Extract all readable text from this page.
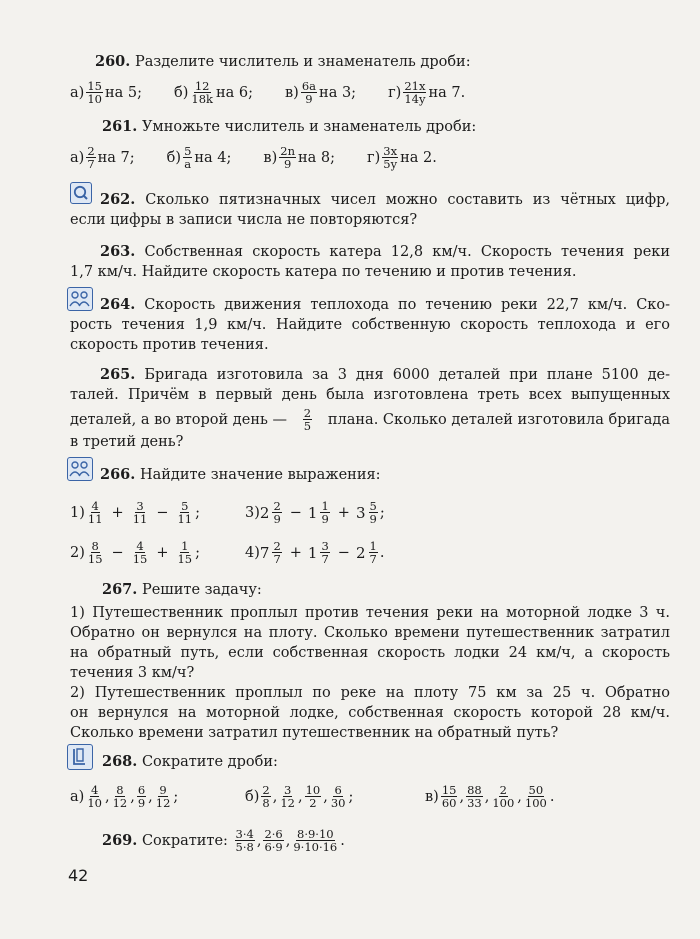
260. Разделите числитель и знаменатель дроби:
$а) \frac{15}{10}$ на 5; $б) \frac{12}{18k}$ на 6; $в) \frac{6a}{9}$ на 3; $г) \frac{21x}{14y}$ на 7.
261. Умножьте числитель и знаменатель дроби:
$а) \frac{2}{7}$ на 7; $б) \frac{5}{a}$ на 4; $в) \frac{2n}{9}$ на 8; $г) \frac{3x}{5y}$ на 2.
262. Сколько пятизначных чисел можно составить из чётных цифр,
если цифры в записи числа не повторяются?
263. Собственная скорость катера 12,8 км/ч. Скорость течения реки
1,7 км/ч. Найдите скорость катера по течению и против течения.
264. Скорость движения теплохода по течению реки 22,7 км/ч. Ско-
рость течения 1,9 км/ч. Найдите собственную скорость теплохода и его
скорость против течения.
265. Бригада изготовила за 3 дня 6000 деталей при плане 5100 де-
талей. Причём в первый день была изготовлена треть всех выпущенных
деталей, а во второй день — $\frac{2}{5}$ плана. Сколько деталей изготовила бригада
в третий день?
266. Найдите значение выражения:
$1) \frac{4}{11} + \frac{3}{11} - \frac{5}{11}$ ;	3) $2 \frac{2}{9} - 1 \frac{1}{9} + 3 \frac{5}{9}$ ;
$2) \frac{8}{15} - \frac{4}{15} + \frac{1}{15}$ ;	4) $7 \frac{2}{7} + 1 \frac{3}{7} - 2 \frac{1}{7}$ .
267. Решите задачу:
1) Путешественник проплыл против течения реки на моторной лодке 3 ч.
Обратно он вернулся на плоту. Сколько времени путешественник затратил
на обратный путь, если собственная скорость лодки 24 км/ч, а скорость
течения 3 км/ч?
2) Путешественник проплыл по реке на плоту 75 км за 25 ч. Обратно
он вернулся на моторной лодке, собственная скорость которой 28 км/ч.
Сколько времени затратил путешественник на обратный путь?
268. Сократите дроби:
$а) \frac{4}{10}$ , $\frac{8}{12}$ , $\frac{6}{9}$ , $\frac{9}{12}$ ;	$б) \frac{2}{8}$ , $\frac{3}{12}$ , $\frac{10}{2}$ , $\frac{6}{30}$ ;	$в) \frac{15}{60}$ , $\frac{88}{33}$ , $\frac{2}{100}$ , $\frac{50}{100}$ .
269.
Сократите:
$\frac{3\cdot 4}{5\cdot 8}$ , $\frac{2\cdot 6}{6\cdot 9}$ , $\frac{8\cdot 9\cdot 10}{9\cdot 10\cdot 16}$ .
42
